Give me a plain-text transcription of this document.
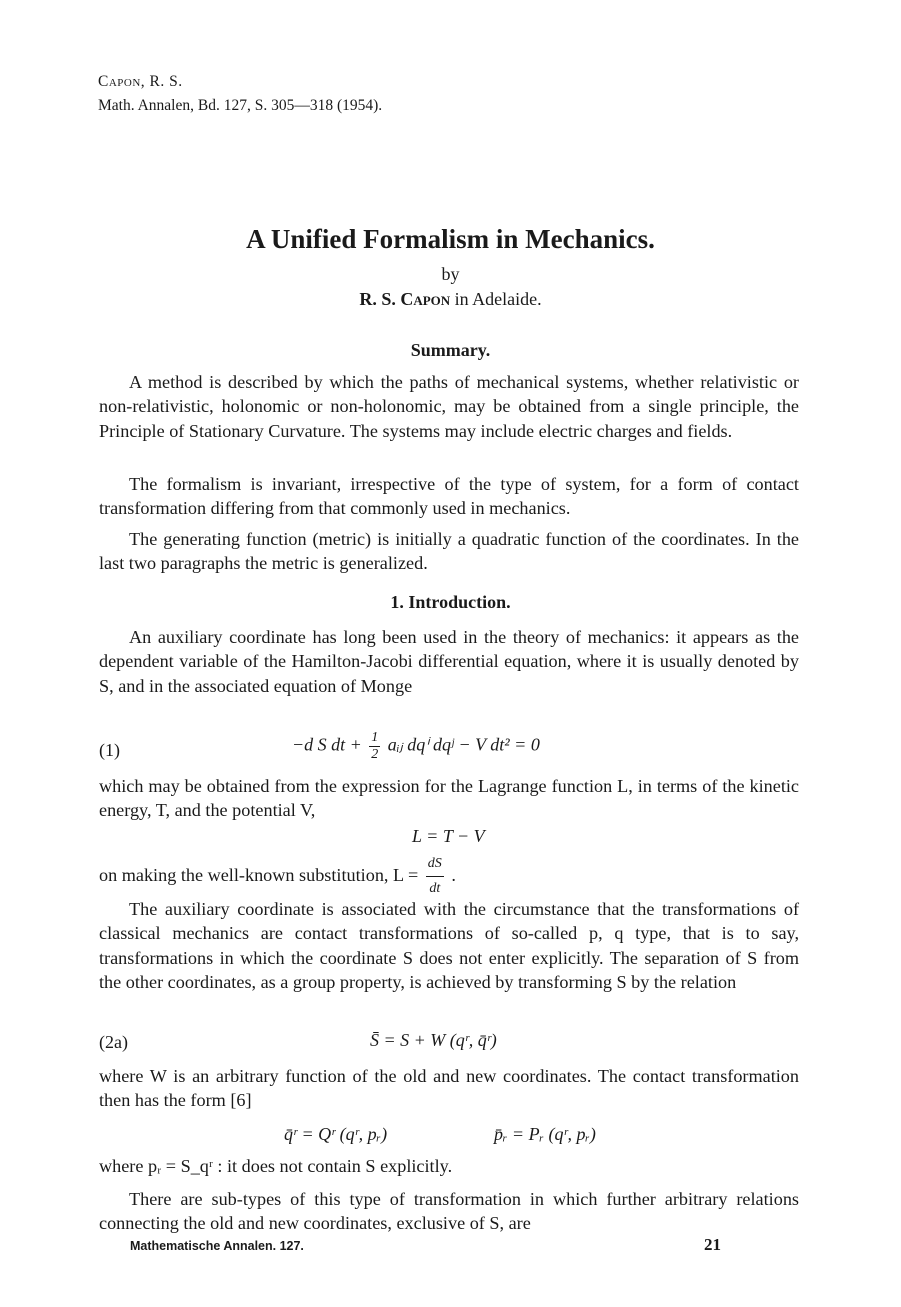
Capon, R. S.
Math. Annalen, Bd. 127, S. 305—318 (1954).
A Unified Formalism in Mechanics.
by
R. S. Capon in Adelaide.
Summary.
A method is described by which the paths of mechanical systems, whether relativistic or non-relativistic, holonomic or non-holonomic, may be obtained from a single principle, the Principle of Stationary Curvature. The systems may include electric charges and fields.
The formalism is invariant, irrespective of the type of system, for a form of contact transformation differing from that commonly used in mechanics.
The generating function (metric) is initially a quadratic function of the coordinates. In the last two paragraphs the metric is generalized.
1. Introduction.
An auxiliary coordinate has long been used in the theory of mechanics: it appears as the dependent variable of the Hamilton-Jacobi differential equation, where it is usually denoted by S, and in the associated equation of Monge
(1)	−d S dt + $\frac{1}{2}$ aᵢⱼ dqⁱ dqʲ − V dt² = 0
which may be obtained from the expression for the Lagrange function L, in terms of the kinetic energy, T, and the potential V,
L = T − V
on making the well-known substitution, $L = \frac{dS}{dt}$ .
The auxiliary coordinate is associated with the circumstance that the transformations of classical mechanics are contact transformations of so-called p, q type, that is to say, transformations in which the coordinate S does not enter explicitly. The separation of S from the other coordinates, as a group property, is achieved by transforming S by the relation
(2a)	S̄ = S + W (qʳ, q̄ʳ)
where W is an arbitrary function of the old and new coordinates. The contact transformation then has the form [6]
q̄ʳ = Qʳ (qʳ, pᵣ)	p̄ᵣ = Pᵣ (qʳ, pᵣ)
where pᵣ = S_qʳ : it does not contain S explicitly.
There are sub-types of this type of transformation in which further arbitrary relations connecting the old and new coordinates, exclusive of S, are
Mathematische Annalen. 127.	21
